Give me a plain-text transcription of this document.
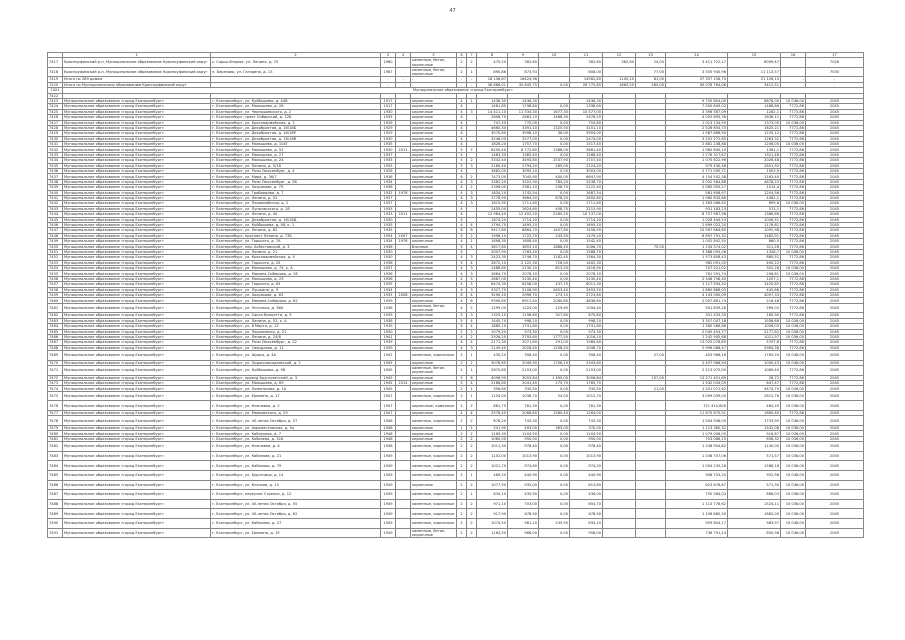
47
	1	2	3	4	5	6	7	8	9	10	11	12	13	14	15	16	17
7417	Красноуфимский р-н, Муниципальное образование Красноуфимский округ	с. Сарсы-Вторые, ул. Ленина, д. 75	1960		каменные, бетон, кирпичные	2	2	475,20	382,60		382,60	382,60	24,00	3 411 722,17	8099,47		7026
7418	Красноуфимский р-н, Муниципальное образование Красноуфимский округ	п. Березово, ул. Гагарина, д. 13	1987		каменные, бетон, кирпичные	2	1	890,86	873,93		808,00		77,00	3 555 940,96	11 113,57		7030
7419	Итого по 289 домам		-	-	-	-	-	18 136,87	16424,96		14562,60	1105,20	81,00	57 357 158,70	21 126,15	-	-
7420	Итого по Муниципальному образованию Красноуфимский округ		-	-	-	-	-	36 666,01	30 645,75	0,00	26 775,60	1863,50	285,00	90 078 764,08	3412,51	-	-
7421	Муниципальное образование «город Екатеринбург»																
7422																	
7423	Муниципальное образование «город Екатеринбург»	г. Екатеринбург, ул. Куйбышева, д. 44В	1917		кирпичные	4	1	1436,30	1436,30		1436,30			9 750 804,09	6878,00	10 036,00	2045
7424	Муниципальное образование «город Екатеринбург»	г. Екатеринбург, ул. Малышева, д. 26	1917		кирпичные	4		1481,80	1798,60	0,00	1338,60			7 000 849,02	1468,86	7772,86	2045
7425	Муниципальное образование «город Екатеринбург»	г. Екатеринбург, ул. Чернышевского, д. 2	1930		кирпичные	4	3	14 411,10	11 534,30	1677,30	10 577,00			3 396 567,09	1262,1	7772,86	2045
7426	Муниципальное образование «город Екатеринбург»	г. Екатеринбург, тракт Сибирский, д. 12Б	1935		кирпичные	4		2808,70	2683,10	1488,30	2476,20			4 055 695,36	1636,11	7772,86	2045
7427	Муниципальное образование «город Екатеринбург»	г. Екатеринбург, ул. Красноармейская, д. 1	1926		кирпичные	4		747,40	770,00	0,00	704,80			1 013 134,95	1373,00	10 036,00	2045
7428	Муниципальное образование «город Екатеринбург»	г. Екатеринбург, ул. Декабристов, д. 16/18Б	1929		кирпичные	4		4660,30	3391,10	1325,50	3101,10			2 526 654,75	1625,21	7772,86	2045
7429	Муниципальное образование «город Екатеринбург»	г. Екатеринбург, ул. Декабристов, д. 16/18Р	1929		кирпичные	4		3070,80	3998,10	36,00	3904,00			1 987 868,90	1235,12	7772,86	2045
7430	Муниципальное образование «город Екатеринбург»	г. Екатеринбург, ул. Декабристов, д. 16/18В	1930		кирпичные	4		4246,00	2577,00	0,00	2474,00			3 252 272,85	1263,32	7772,86	2045
7431	Муниципальное образование «город Екатеринбург»	г. Екатеринбург, ул. Малышева, д. 104Г	1935		кирпичные	4		1826,20	1757,70	0,00	1517,40			2 881 238,88	1206,05	10 036,00	2045
7432	Муниципальное образование «город Екатеринбург»	г. Екатеринбург, ул. Малышева, д. 52	1930	2011	кирпичные	5	7	8250,40	6 772,80	1388,00	5861,40			1 980 645,10	1361,1	7772,86	2045
7433	Муниципальное образование «город Екатеринбург»	г. Екатеринбург, ул. Малышева, д. 27	1937		кирпичные	4		1463,30	1385,40	0,00	1268,40			1 276 317,87	1321,48	7772,86	2045
7434	Муниципальное образование «город Екатеринбург»	г. Екатеринбург, ул. Малышева, д. 24	1935		кирпичные	5	2	3342,40	3493,80	2537,90	1707,40			1 070 622,96	2026,48	7772,86	2045
7435	Муниципальное образование «город Екатеринбург»	г. Екатеринбург, ул. Ленина, д. 5/16	1935		кирпичные	5	3	2180,40	2794,20	265,00	2124,20			979 430,48	2801,92	7772,86	2045
7436	Муниципальное образование «город Екатеринбург»	г. Екатеринбург, ул. Розы Люксембург, д. 4	1926		кирпичные	4		3682,00	3095,10	0,00	3003,00			2 771 090,71	1003,9	7772,86	2045
7437	Муниципальное образование «город Екатеринбург»	г. Екатеринбург, ул. Мира, д. 36/7	1936		кирпичные	6	2	7473,00	7045,90	400,00	6647,90			4 154 542,38	1163,40	7772,86	2045
7438	Муниципальное образование «город Екатеринбург»	г. Екатеринбург, ул. Розы Люксембург, д. 56	1934		кирпичные	4	3	3382,20	3322,90	784,20	2538,70			3 052 584,88	4878,23	7772,86	2045
7439	Муниципальное образование «город Екатеринбург»	г. Екатеринбург, ул. Хохрякова, д. 75	1936		кирпичные	4	2	2396,00	2381,10	258,70	2122,40			2 085 005,27	1014,4	7772,86	2045
7440	Муниципальное образование «город Екатеринбург»	г. Екатеринбург, ул. Грибоедова, д. 7	1932	1978	кирпичные	4	3	1834,10	1742,54	0,00	1687,54			561 608,97	1204,56	7772,86	2045
7441	Муниципальное образование «город Екатеринбург»	г. Екатеринбург, ул. Ленина, д. 52	1937		кирпичные	4	3	3778,90	3664,50	878,20	2800,80			1 080 833,66	4462,1	7772,86	2045
7442	Муниципальное образование «город Екатеринбург»	г. Екатеринбург, ул. Первомайская, д. 2	1937		кирпичные	4	3	1815,90	1711,60	0,00	1711,60			1 563 066,62	899,6	10 036,00	2045
7443	Муниципальное образование «город Екатеринбург»	г. Екатеринбург, ул. Луначарского, д. 18	1935		кирпичные	4		2455,00	2624,60	408,70	2215,90			931 183,23	511,1	7772,86	2045
7444	Муниципальное образование «город Екатеринбург»	г. Екатеринбург, ул. Ленина, д. 40	1933	2011	кирпичные	4		12 984,40	12 402,20	2265,20	10 137,00			8 757 987,98	1386,66	7772,86	2045
7445	Муниципальное образование «город Екатеринбург»	г. Екатеринбург, ул. Декабристов, д. 16/18Д	1930		кирпичные	4		1874,20	1714,20	0,00	1714,20			1 028 444,53	1006,51	7772,86	2045
7446	Муниципальное образование «город Екатеринбург»	г. Екатеринбург, ул. Куйбышева, д. 48, к. 1	1935		кирпичные	4	4	1794,70	1695,10	0,00	1695,10			2 699 022,20	1176,61	7772,86	2045
7447	Муниципальное образование «город Екатеринбург»	г. Екатеринбург, ул. Ленина, д. 62	1935		кирпичные	6	8	9417,60	8864,70	1407,80	7456,90			10 567 684,60	1092,98	7772,86	2045
7448	Муниципальное образование «город Екатеринбург»	г. Екатеринбург, проспект Ленина, д. 73Б	1954	2007	кирпичные	4	2	1998,10	1722,70	243,50	1479,20			8 897 791,32	1482,91	7772,86	2045
7449	Муниципальное образование «город Екатеринбург»	г. Екатеринбург, ул. Горького, д. 7А	1934	1976	кирпичные	4	1	1698,30	1608,40	0,00	1542,40			1 002 842,55	860,0	7772,86	2045
7450	Муниципальное образование «город Екатеринбург»	г. Екатеринбург, пер. Асбестовский, д. 3	1936		блочные	5	4	3617,80	3853,10	1888,40	2006,70		75,00	1 134 374,02	311,28	7772,86	2045
7451	Муниципальное образование «город Екатеринбург»	г. Екатеринбург, ул. Ленина, д. 21	1930		кирпичные	4		2007,90	1765,40	0,00	1588,70			3 368 093,08	1328,7	10 036,00	2045
7452	Муниципальное образование «город Екатеринбург»	г. Екатеринбург, ул. Красноармейская, д. 4	1930		кирпичные	4	3	2423,30	2746,70	1182,40	1564,30			1 573 808,43	880,51	7772,86	2045
7453	Муниципальное образование «город Екатеринбург»	г. Екатеринбург, ул. Горького, д. 25	1936		кирпичные	5	4	2872,10	2 122,30	726,00	1402,30			962 091,00	490,22	7772,86	2045
7454	Муниципальное образование «город Екатеринбург»	г. Екатеринбург, ул. Малышева, д. 74, к. А	1937		кирпичные	4	3	2488,80	2130,10	813,20	1416,90			707 521,02	302,28	10 036,00	2045
7455	Муниципальное образование «город Екатеринбург»	г. Екатеринбург, ул. Мамина-Сибиряка, д. 28	1936		кирпичные	4	3	2664,70	2076,10	0,00	2076,10			761 291,74	256,81	10 036,00	2045
7456	Муниципальное образование «город Екатеринбург»	г. Екатеринбург, ул. Малышева, д. 25	1936		кирпичные	4	5	2687,00	2230,40	0,00	2230,40			2 548 758,40	1207,1	7772,86	2045
7457	Муниципальное образование «город Екатеринбург»	г. Екатеринбург, ул. Горького, д. 63	1935		кирпичные	4	5	6474,30	6258,00	437,70	6011,30			1 117 934,32	1420,85	7772,86	2045
7458	Муниципальное образование «город Екатеринбург»	г. Екатеринбург, ул. Пушкина, д. 9	1934		кирпичные	4	3	5327,70	5106,90	2653,40	2453,50			1 860 888,05	445,88	7772,86	2045
7459	Муниципальное образование «город Екатеринбург»	г. Екатеринбург, ул. Хохрякова, д. 63	1935	2008	кирпичные	6	4	3290,20	2996,70	273,10	2723,60			4 143 000,09	4097,33	7772,86	2045
7460	Муниципальное образование «город Екатеринбург»	г. Екатеринбург, ул. Мамина-Сибиряка, д. 62	1939		кирпичные	4	6	9390,80	6917,40	2080,80	4836,60			2 007 861,74	216,48	7772,86	2045
7461	Муниципальное образование «город Екатеринбург»	г. Екатеринбург, ул. Энгельса, д. 36А	1938		каменные, бетон, кирпичные	4	2	1299,00	1224,00	129,60	1094,40			901 839,28	269,02	7772,86	2045
7462	Муниципальное образование «город Екатеринбург»	г. Екатеринбург, ул. Сакко Ванцетти, д. 5	1939		кирпичные	5	3	1325,10	1198,60	327,80	870,80			351 433,35	180,90	7772,86	2045
7463	Муниципальное образование «город Екатеринбург»	г. Екатеринбург, ул. Ленина, д. 52, к. А	1938		кирпичные	5	4	1445,70	998,10	0,00	998,10			3 357 007,18	1936,66	10 036,00	2045
7464	Муниципальное образование «город Екатеринбург»	г. Екатеринбург, ул. 8 Марта, д. 13	1939		кирпичные	5	4	1889,10	1741,60	0,00	1741,60			1 580 566,86	1006,03	10 036,00	2045
7465	Муниципальное образование «город Екатеринбург»	г. Екатеринбург, ул. Пархоменко, д. 21	1940		кирпичные	2	2	1079,20	973,30	0,00	973,30			2 045 454,77	2177,82	10 036,00	2045
7466	Муниципальное образование «город Екатеринбург»	г. Екатеринбург, ул. Ленина, д. 24/8	1941		кирпичные	4	2	2926,20	2793,60	1777,50	1016,10			1 242 905,68	1021,97	10 036,00	2045
7467	Муниципальное образование «город Екатеринбург»	г. Екатеринбург, ул. Розы Люксембург, д. 22	1939		кирпичные	4	4	2171,30	2071,60	291,00	1980,60			13 025 078,89	5797,6	7772,86	2045
7468	Муниципальное образование «город Екатеринбург»	г. Екатеринбург, ул. Свердлова, д. 11	1939		кирпичные	4	3	2149,40	2028,40	1206,20	1046,70			2 996 068,47	2964,38	7772,86	2045
7469	Муниципальное образование «город Екатеринбург»	г. Екатеринбург, ул. Щорса, д. 4А	1942		каменные, кирпичные	2	1	430,20	358,40	0,00	358,40		27,00	453 986,16	1765,20	10 036,00	2045
7470	Муниципальное образование «город Екатеринбург»	г. Екатеринбург, ул. Орджоникидзевский, д. 2	1945		кирпичные	2	2	3078,60	2049,90	1706,10	2343,80			2 457 988,94	1000,43	10 036,00	2045
7471	Муниципальное образование «город Екатеринбург»	г. Екатеринбург, ул. Куйбышева, д. 98	1945		каменные, бетон, кирпичные	2	1	2675,80	2153,00	0,00	2153,00			2 213 075,00	1089,40	7772,86	2045
7472	Муниципальное образование «город Екатеринбург»	г. Екатеринбург, проезд Кругосветский, д. 3	1945		кирпичные	5	8	4096,90	3053,84	1 495,00	3058,84		157,00	13 271 451,89	26,72	7772,86	2045
7473	Муниципальное образование «город Екатеринбург»	г. Екатеринбург, ул. Малышева, д. 69	1945	2014	кирпичные	5	4	2188,80	2041,40	275,70	1765,70			1 542 034,09	647,47	7772,86	2045
7474	Муниципальное образование «город Екатеринбург»	г. Екатеринбург, ул. Ломоносова, д. 1А	1945		кирпичные	2	1	356,80	335,50	0,00	335,50		21,00	1 201 071,62	4474,70	10 036,00	2045
7475	Муниципальное образование «город Екатеринбург»	г. Екатеринбург, ул. Еремина, д. 17	1947		каменные, кирпичные	2	1	1154,00	1036,70	24,00	1012,70			3 099 039,00	2812,76	10 036,00	2045
7476	Муниципальное образование «город Екатеринбург»	г. Екатеринбург, ул. Ключевая, д. 2	1947		кирпичные, каменные	2	2	861,70	781,30	0,00	781,30			721 410,600	464,20	10 036,00	2045
7477	Муниципальное образование «город Екатеринбург»	г. Екатеринбург, ул. Маяковского, д. 29	1947		кирпичные	4	4	2578,40	2066,80	1580,40	1264,00			11 670 675,91	1865,60	7772,86	2045
7478	Муниципальное образование «город Екатеринбург»	г. Екатеринбург, ул. 40-летия Октября, д. 57	1948		каменные, кирпичные	2	2	878,20	743,30	0,00	743,30			1 504 938,00	1733,95	10 036,00	2045
7479	Муниципальное образование «город Екатеринбург»	г. Екатеринбург, ул. Аэромачтовская, д. 5а	1948		кирпичные	1	1	541,90	493,00	363,00	370,00			1 113 380,32	1542,08	10 036,00	2045
7480	Муниципальное образование «город Екатеринбург»	г. Екатеринбург, ул. Каблукова, д. 7	1948		кирпичные	2	2	1169,30	1104,50	0,00	1104,50			1 079 008,05	916,87	10 036,00	2045
7481	Муниципальное образование «город Екатеринбург»	г. Екатеринбург, ул. Кобозева, д. 32А	1948		кирпичные	2	2	1060,00	950,00	0,00	950,00			703 086,25	698,32	10 036,00	2045
7482	Муниципальное образование «город Екатеринбург»	г. Екатеринбург, ул. Ключевая, д. 4	1948		каменные, кирпичные	2	2	1011,30	976,40	0,00	976,40			1 248 904,82	1140,00	10 036,00	2045
7483	Муниципальное образование «город Екатеринбург»	г. Екатеринбург, ул. Кабанова, д. 21	1949		каменные, кирпичные	2	2	1102,00	1013,90	0,00	1013,90			1 036 707,06	571,57	10 036,00	2045
7484	Муниципальное образование «город Екатеринбург»	г. Екатеринбург, ул. Кабанова, д. 79	1949		каменные, кирпичные	2	2	1021,70	974,60	0,00	974,20			1 004 235,28	1588,16	10 036,00	2045
7485	Муниципальное образование «город Екатеринбург»	г. Екатеринбург, ул. Бурсачица, д. 14	1949		каменные, кирпичные	2	1	469,20	440,90	0,00	440,90			908 753,25	952,98	10 036,00	2045
7486	Муниципальное образование «город Екатеринбург»	г. Екатеринбург, ул. Клочков, д. 15	1949		кирпичные	2	2	1077,90	935,00	0,00	613,60			623 876,87	571,30	10 036,00	2045
7487	Муниципальное образование «город Екатеринбург»	г. Екатеринбург, переулок Стрелка, д. 12	1949		каменные, кирпичные	2	1	634,10	435,90	0,00	436,00			750 584,03	888,03	10 036,00	2045
7488	Муниципальное образование «город Екатеринбург»	г. Екатеринбург, ул. 40-летия Октября, д. 55	1949		каменные, кирпичные	2	2	971,10	703,00	0,00	654,70			1 113 778,62	1524,11	10 036,00	2045
7489	Муниципальное образование «город Екатеринбург»	г. Екатеринбург, ул. 40-летия Октября, д. 62	1949		каменные, кирпичные	2	2	917,90	678,90	0,00	678,90			1 156 880,30	1682,00	10 036,00	2045
7490	Муниципальное образование «город Екатеринбург»	г. Екатеринбург, ул. Кабанова, д. 27	1949		каменные, кирпичные	2	2	1074,50	981,10	235,90	834,10			959 604,17	983,97	10 036,00	2045
7491	Муниципальное образование «город Екатеринбург»	г. Екатеринбург, ул. Еремина, д. 19	1949		каменные, бетон, кирпичные	2	2	1163,50	966,00	0,00	958,00			736 791,14	850,98	10 036,00	2045
